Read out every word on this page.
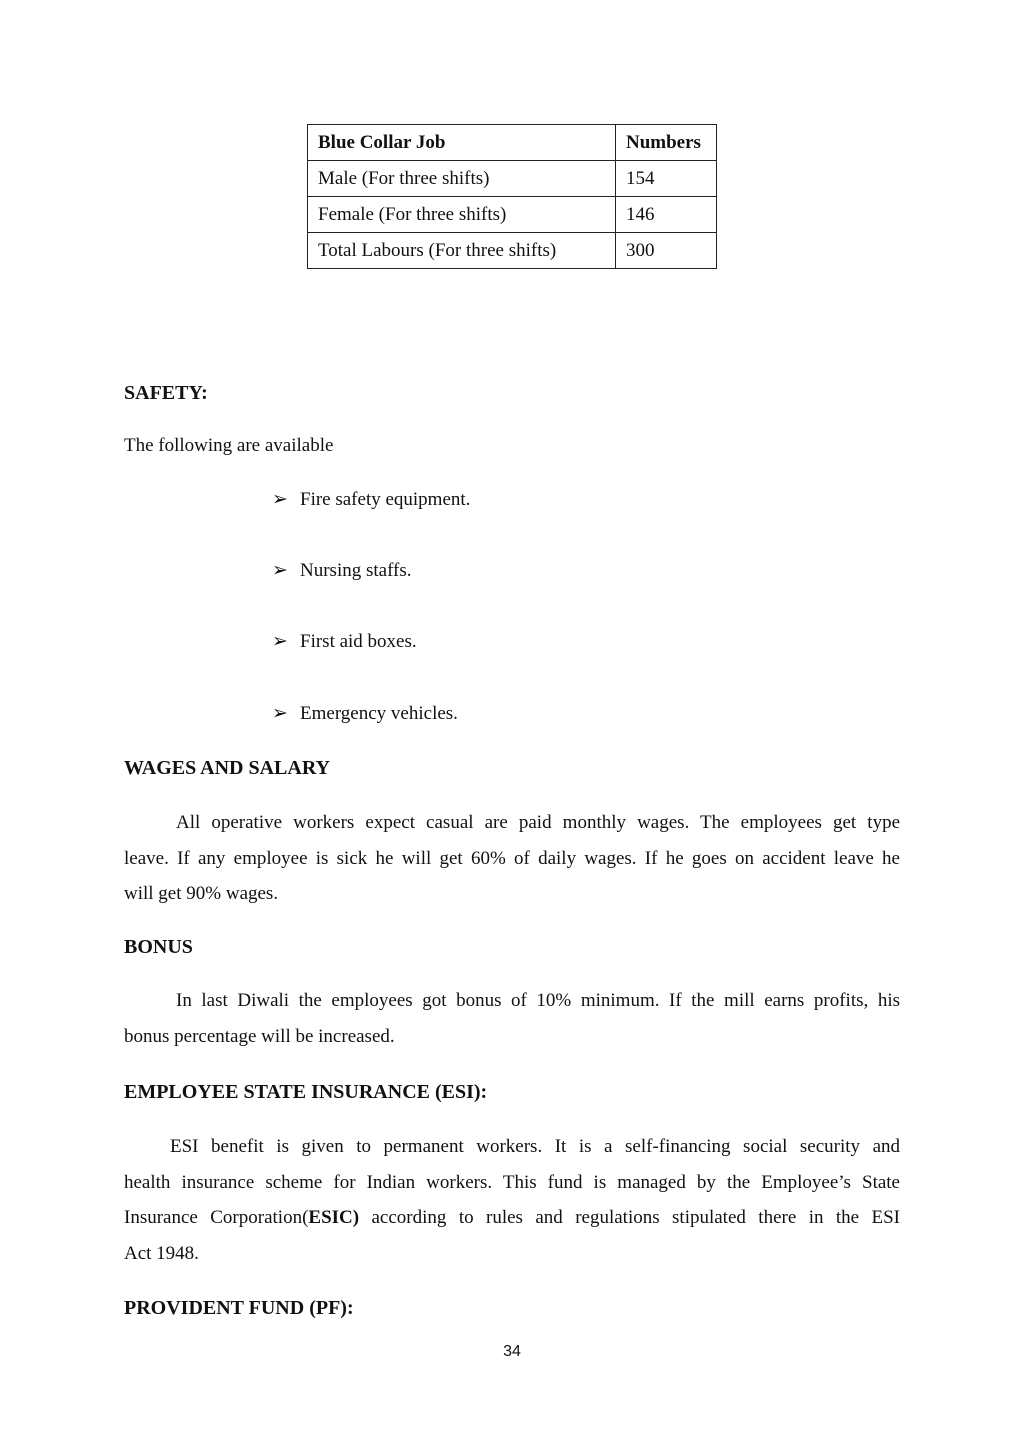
Blue Collar Job	Numbers
Male (For three shifts)	154
Female (For three shifts)	146
Total Labours (For three shifts)	300
SAFETY:

The following are available

➢ Fire safety equipment.
➢ Nursing staffs.
➢ First aid boxes.
➢ Emergency vehicles.
WAGES AND SALARY
All operative workers expect casual are paid monthly wages. The employees get type
leave. If any employee is sick he will get 60% of daily wages. If he goes on accident leave he
will get 90% wages.
BONUS
In last Diwali the employees got bonus of 10% minimum. If the mill earns profits, his
bonus percentage will be increased.
EMPLOYEE STATE INSURANCE (ESI):
ESI benefit is given to permanent workers. It is a self-financing social security and
health insurance scheme for Indian workers. This fund is managed by the Employee’s State
Insurance Corporation(ESIC) according to rules and regulations stipulated there in the ESI
Act 1948.
PROVIDENT FUND (PF):
34
